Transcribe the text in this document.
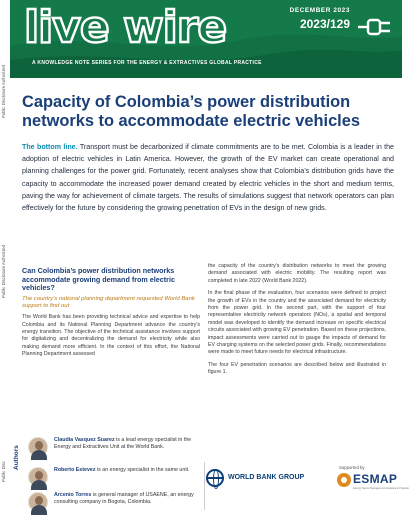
Public Disclosure Authorized
Public Disclosure Authorized
Public Disc
live wire	DECEMBER 2023
2023/129
A KNOWLEDGE NOTE SERIES FOR THE ENERGY & EXTRACTIVES GLOBAL PRACTICE
Capacity of Colombia’s power distribution networks to accommodate electric vehicles

The bottom line. Transport must be decarbonized if climate commitments are to be met. Colombia is a leader in the adoption of electric vehicles in Latin America. However, the growth of the EV market can create operational and planning challenges for the power grid. Fortunately, recent analyses show that Colombia’s distribution grids have the capacity to accommodate the increased power demand created by electric vehicles in the short and medium terms, paving the way for achievement of climate targets. The results of simulations suggest that network operators can plan effectively for the future by considering the growing penetration of EVs in the design of new grids.

Can Colombia’s power distribution networks accommodate growing demand from electric vehicles?
The country’s national planning department requested World Bank support to find out

The World Bank has been providing technical advice and expertise to help Colombia and its National Planning Department advance the country’s energy transition. The objective of the technical assistance involves support for digitalizing and decentralizing the demand for electricity while also making demand more efficient. In the context of this effort, the National Planning Department assessed

the capacity of the country’s distribution networks to meet the growing demand associated with electric mobility. The resulting report was completed in late 2022 (World Bank 2022).

In the final phase of the evaluation, four scenarios were defined to project the growth of EVs in the country and the associated demand for electricity from the power grid. In the second part, with the support of four representative electricity network operators (NOs), a spatial and temporal model was developed to identify the demand increase on specific electrical circuits associated with growing EV penetration. Based on these projections, impact assessments were carried out to gauge the impacts of demand for EV charging systems on the selected power grids. Finally, recommendations were made to meet future needs for electrical infrastructure.

The four EV penetration scenarios are described below and illustrated in figure 1.

Authors
Claudia Vasquez Suarez is a lead energy specialist in the Energy and Extractives Unit at the World Bank.
Roberto Estevez is an energy specialist in the same unit.
Arcenio Torres is general manager of USAENE, an energy consulting company in Bogota, Colombia.
WORLD BANK GROUP
Supported by
ESMAP
Energy Sector Management Assistance Program
